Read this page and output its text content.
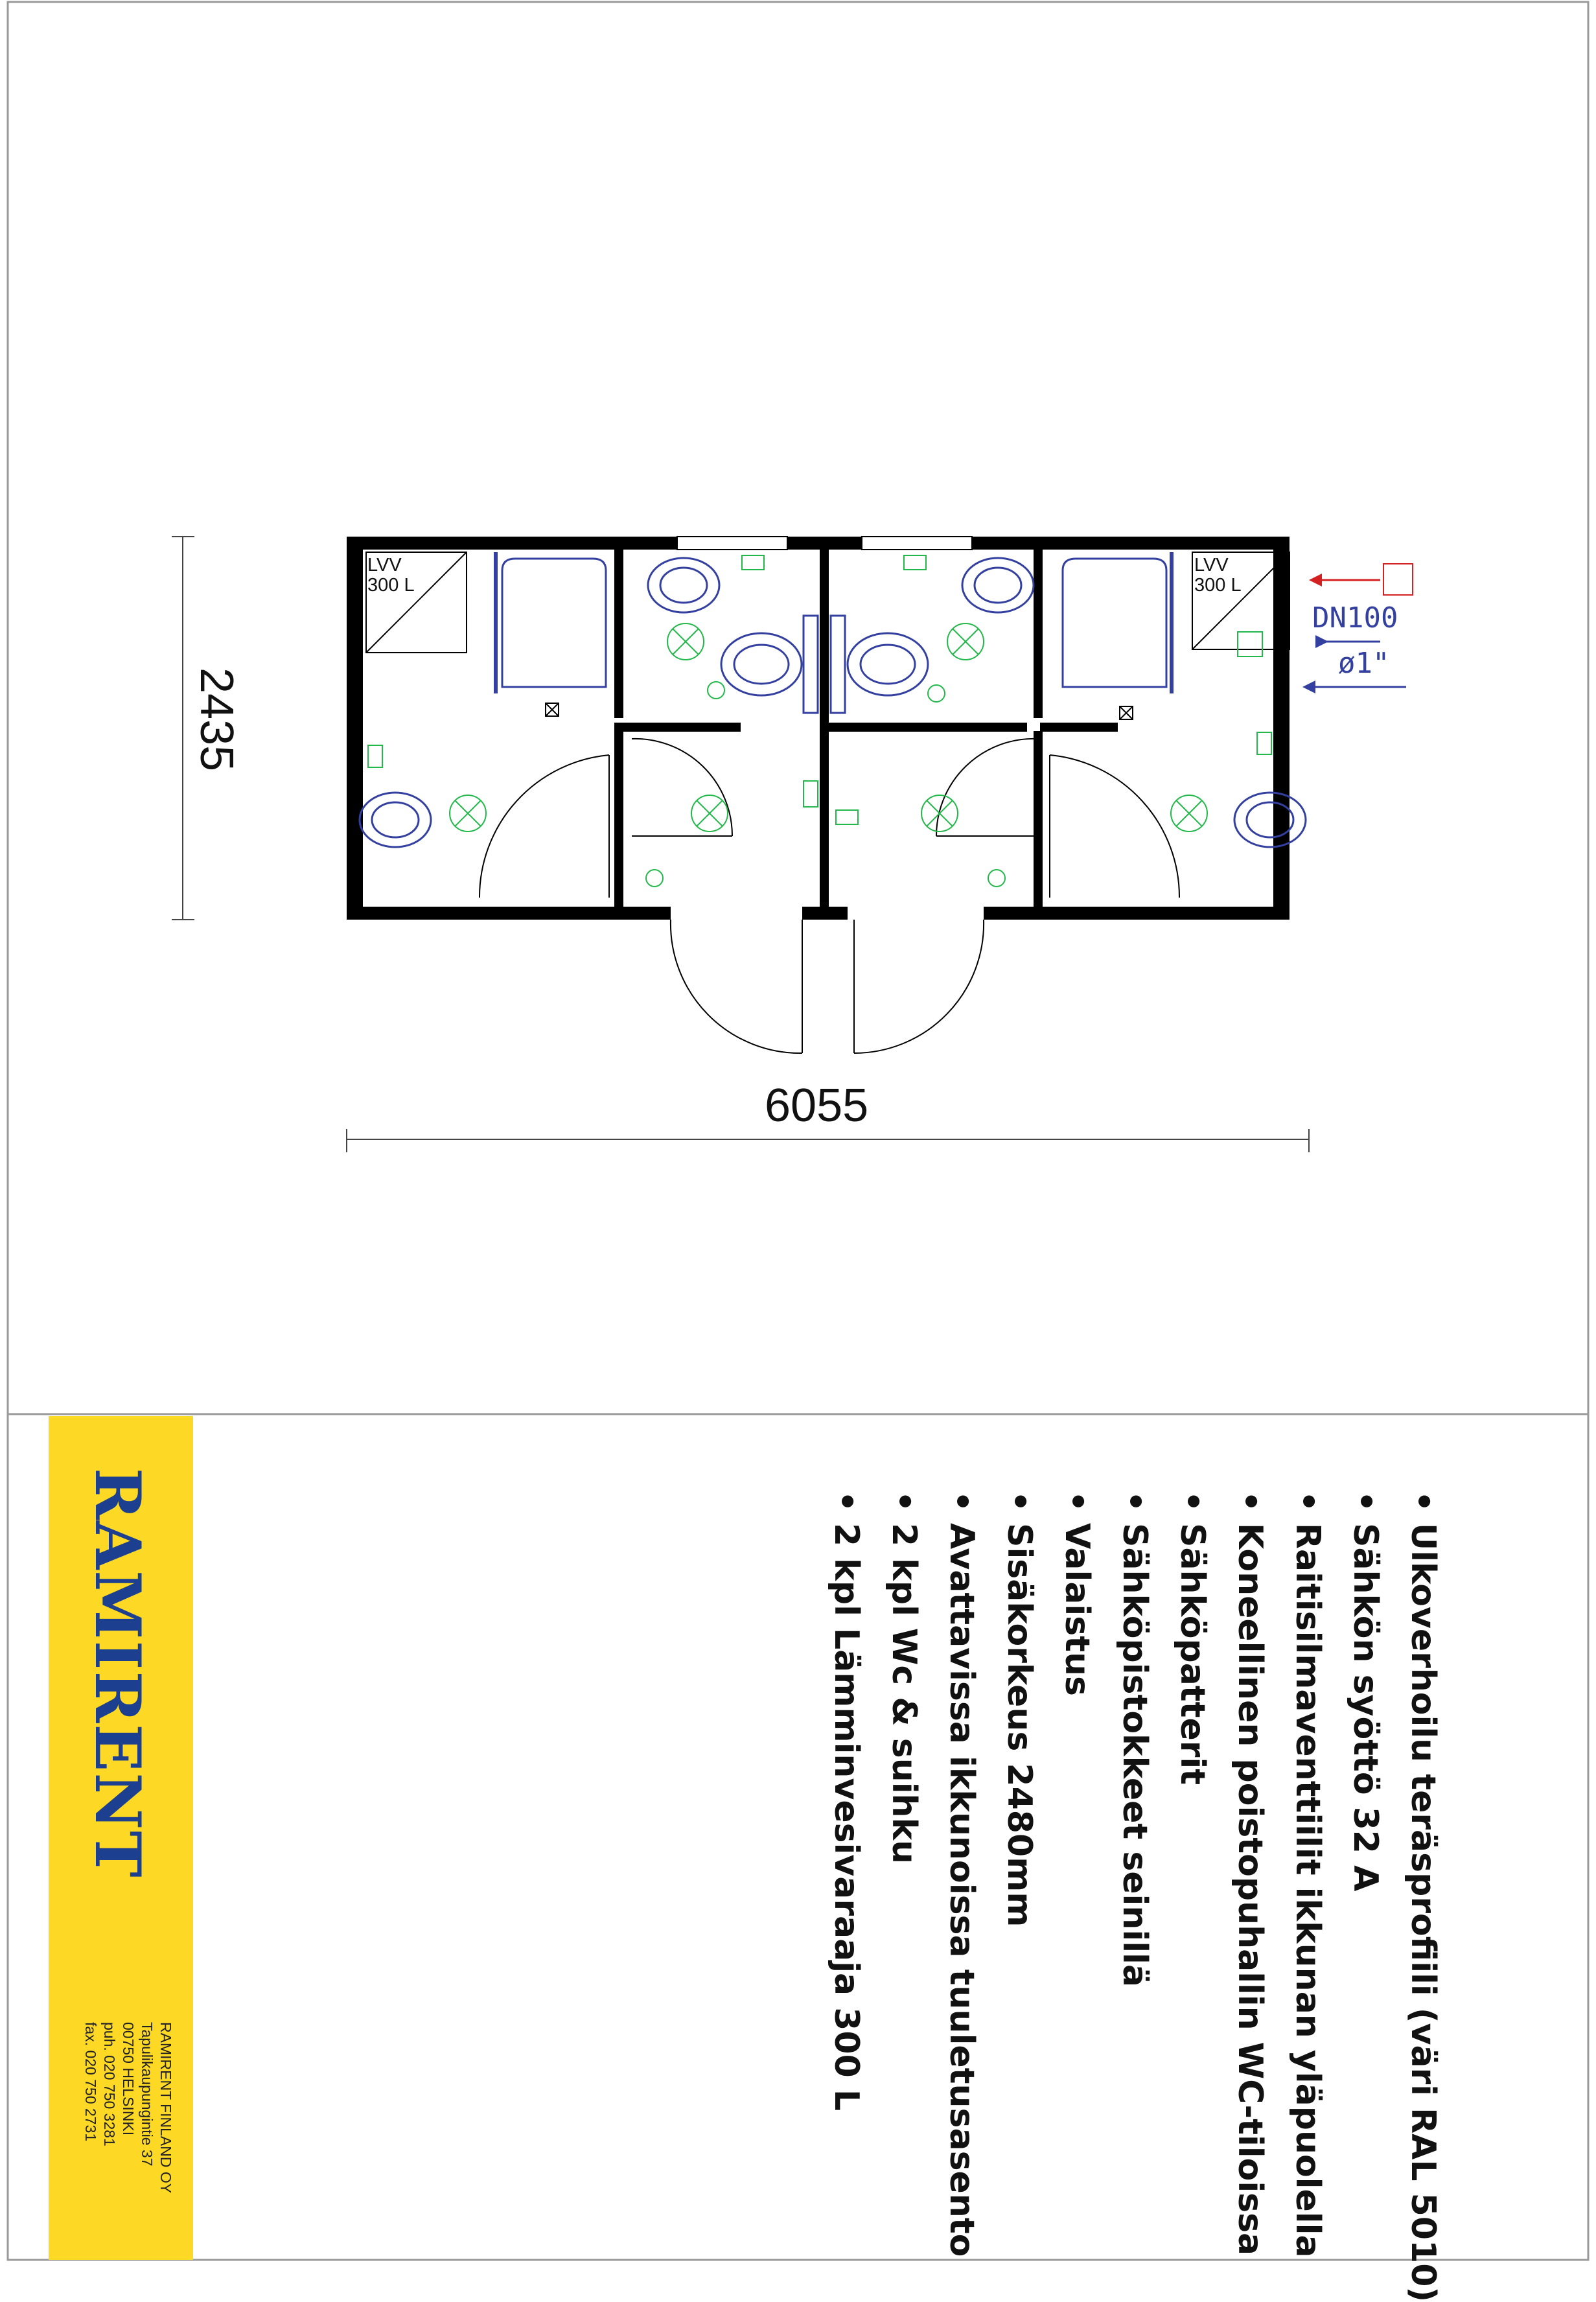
LVV
300 L
LVV
300 L
DN100
ø1"
6055
2435
• Ulkoverhoilu teräsprofiili (väri RAL 5010)
• Sähkön syöttö 32 A
• Raitisilmaventtiilit ikkunan yläpuolella
• Koneellinen poistopuhallin WC-tiloissa
• Sähköpatterit
• Sähköpistokkeet seinillä
• Valaistus
• Sisäkorkeus 2480mm
• Avattavissa ikkunoissa tuuletusasento
• 2 kpl Wc & suihku
• 2 kpl Lämminvesivaraaja 300 L
RAMIRENT
RAMIRENT FINLAND OY
Tapulikaupungintie 37
00750 HELSINKI
puh. 020 750 3281
fax. 020 750 2731
